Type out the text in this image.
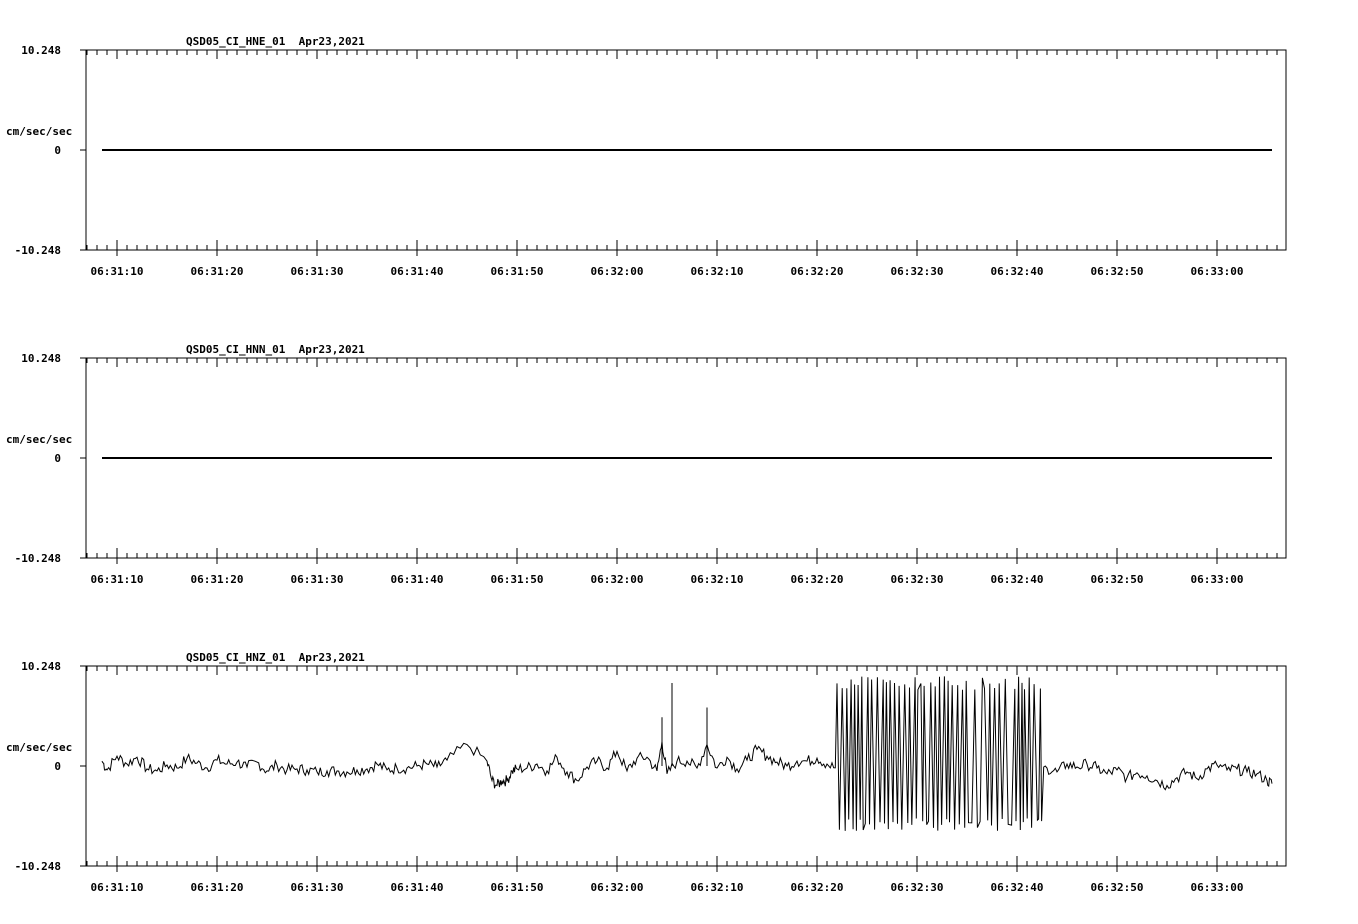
QSD05_CI_HNE_01  Apr23,2021
cm/sec/sec
10.248
0
-10.248
06:31:10	06:31:20	06:31:30	06:31:40	06:31:50	06:32:00	06:32:10	06:32:20	06:32:30	06:32:40	06:32:50	06:33:00
QSD05_CI_HNN_01  Apr23,2021
cm/sec/sec
10.248
0
-10.248
06:31:10	06:31:20	06:31:30	06:31:40	06:31:50	06:32:00	06:32:10	06:32:20	06:32:30	06:32:40	06:32:50	06:33:00
QSD05_CI_HNZ_01  Apr23,2021
cm/sec/sec
10.248
0
-10.248
06:31:10	06:31:20	06:31:30	06:31:40	06:31:50	06:32:00	06:32:10	06:32:20	06:32:30	06:32:40	06:32:50	06:33:00
